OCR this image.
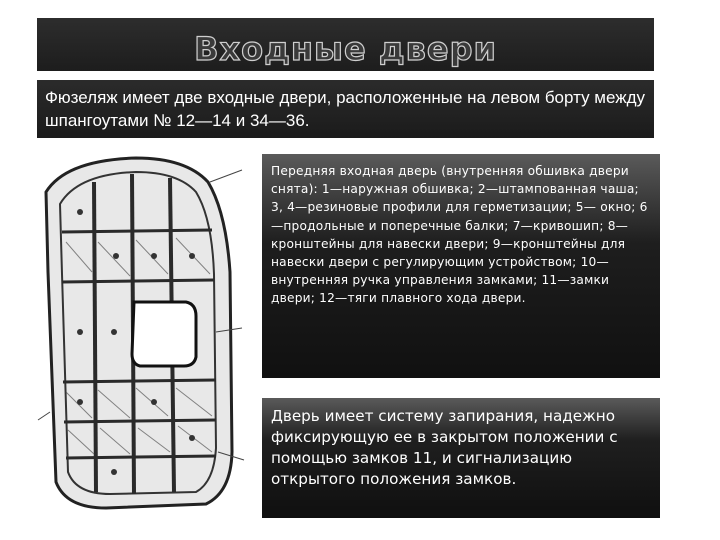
Входные двери
Фюзеляж имеет две входные двери, расположенные на левом борту между шпангоутами № 12—14 и 34—36.
Передняя входная дверь (внутренняя обшивка двери снята): 1—наружная обшивка; 2—штампованная чаша; 3, 4—резиновые профили для герметизации; 5— окно; 6—продольные и поперечные балки; 7—кривошип; 8—кронштейны для навески двери; 9—кронштейны для навески двери с регулирующим устройством; 10—внутренняя ручка управления замками; 11—замки двери; 12—тяги плавного хода двери.
Дверь имеет систему запирания, надежно фиксирующую ее в закрытом положении с помощью замков 11, и сигнализацию открытого положения замков.
